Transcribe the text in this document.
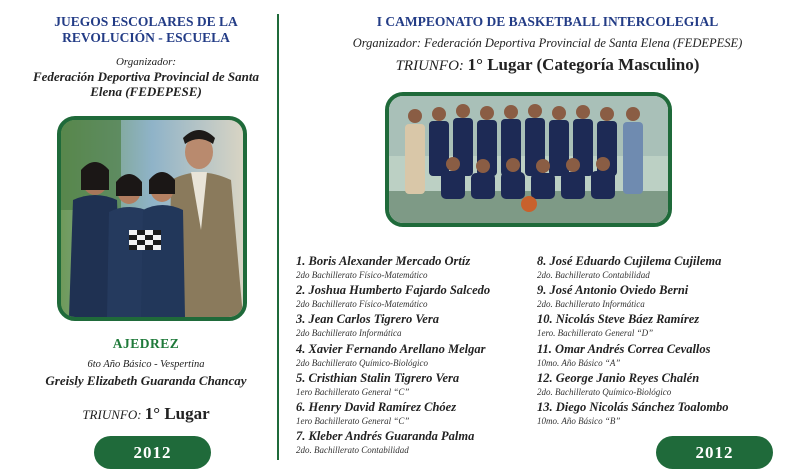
JUEGOS ESCOLARES DE LA REVOLUCIÓN - ESCUELA
Organizador:
Federación Deportiva Provincial de Santa Elena (FEDEPESE)
AJEDREZ
6to Año Básico - Vespertina
Greisly Elizabeth Guaranda Chancay
TRIUNFO: 1° Lugar
2012
I CAMPEONATO DE BASKETBALL INTERCOLEGIAL
Organizador: Federación Deportiva Provincial de Santa Elena (FEDEPESE)
TRIUNFO: 1° Lugar (Categoría Masculino)
1. Boris Alexander Mercado Ortíz
2do Bachillerato Físico-Matemático
2. Joshua Humberto Fajardo Salcedo
2do Bachillerato Físico-Matemático
3. Jean Carlos Tigrero Vera
2do Bachillerato Informática
4. Xavier Fernando Arellano Melgar
2do Bachillerato Químico-Biológico
5. Cristhian Stalin Tigrero Vera
1ero Bachillerato General “C”
6. Henry David Ramírez Chóez
1ero Bachillerato General “C”
7. Kleber Andrés Guaranda Palma
2do. Bachillerato Contabilidad
8. José Eduardo Cujilema Cujilema
2do. Bachillerato Contabilidad
9. José Antonio Oviedo Berni
2do. Bachillerato Informática
10. Nicolás Steve Báez Ramírez
1ero. Bachillerato General “D”
11. Omar Andrés Correa Cevallos
10mo. Año Básico “A”
12. George Janio Reyes Chalén
2do. Bachillerato Químico-Biológico
13. Diego Nicolás Sánchez Toalombo
10mo. Año Básico “B”
2012
